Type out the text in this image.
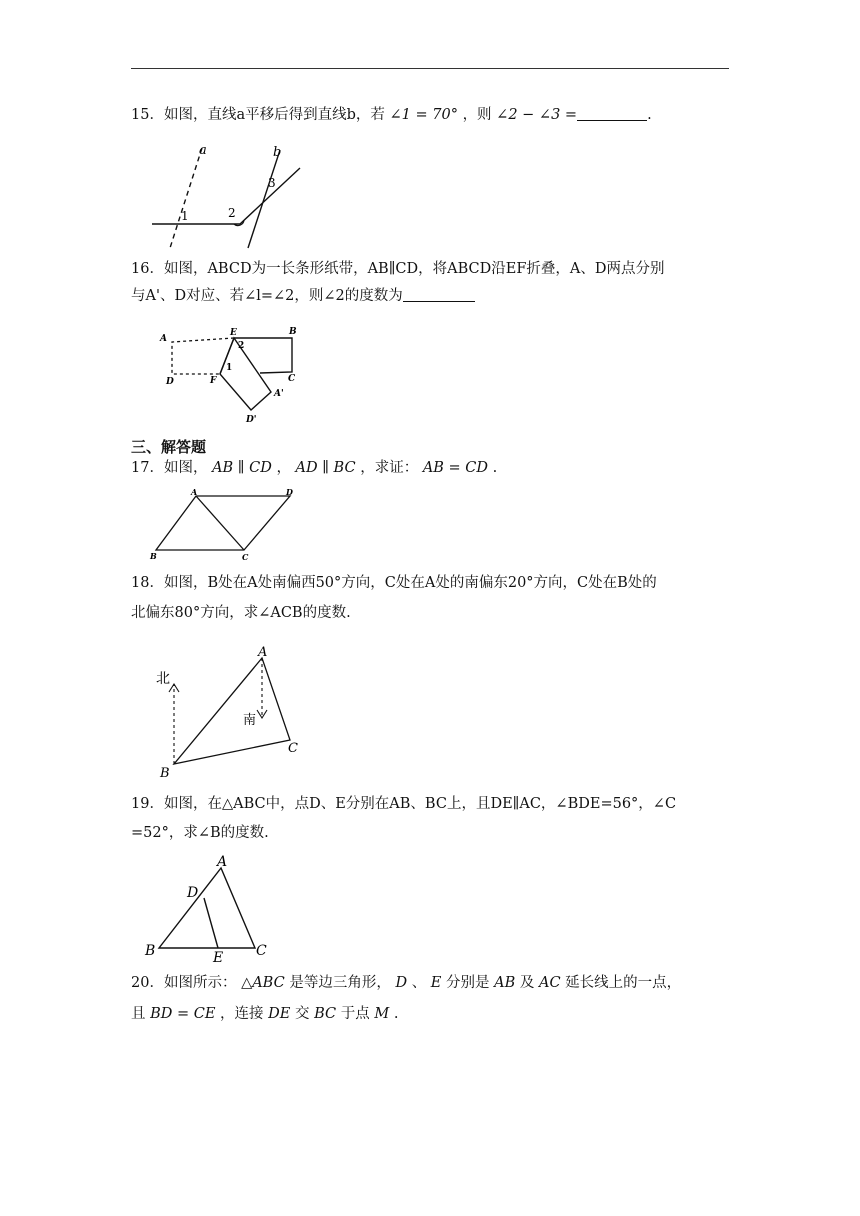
15．如图，直线a平移后得到直线b，若 ∠1 = 70° ，则 ∠2 − ∠3 =	.
a	b
1	2
3
16．如图，ABCD为一长条形纸带，AB∥CD，将ABCD沿EF折叠，A、D两点分别
与A'、D对应、若∠l=∠2，则∠2的度数为
A
E	B
2
1
D	F	C
A'
D'
三、解答题
17．如图， AB ∥ CD ， AD ∥ BC ，求证： AB = CD .
A	D
B	C
18．如图，B处在A处南偏西50°方向，C处在A处的南偏东20°方向，C处在B处的
北偏东80°方向，求∠ACB的度数.
北
南
A
B
C
19．如图，在△ABC中，点D、E分别在AB、BC上，且DE∥AC，∠BDE=56°，∠C
=52°，求∠B的度数.
A
D
B	E C
20．如图所示： △ABC 是等边三角形， D 、 E 分别是 AB 及 AC 延长线上的一点，
且 BD = CE ，连接 DE 交 BC 于点 M .
